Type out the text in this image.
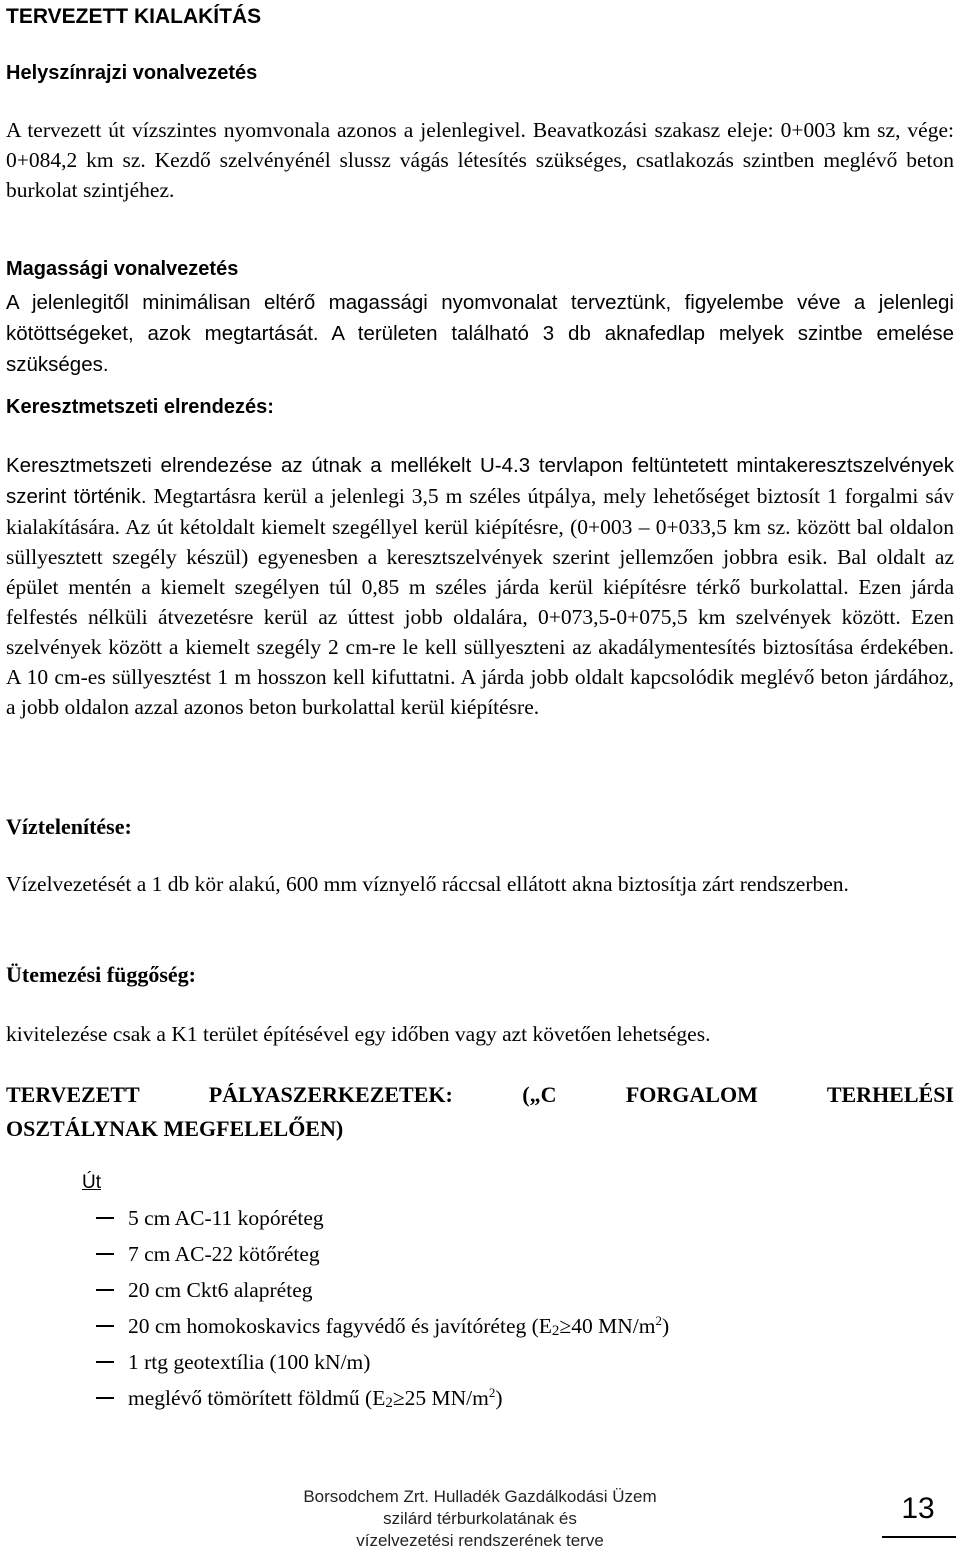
TERVEZETT KIALAKÍTÁS
Helyszínrajzi vonalvezetés

A tervezett út vízszintes nyomvonala azonos a jelenlegivel. Beavatkozási szakasz eleje: 0+003 km sz, vége: 0+084,2 km sz. Kezdő szelvényénél slussz vágás létesítés szükséges, csatlakozás szintben meglévő beton burkolat szintjéhez.

Magassági vonalvezetés

A jelenlegitől minimálisan eltérő magassági nyomvonalat terveztünk, figyelembe véve a jelenlegi kötöttségeket, azok megtartását. A területen található 3 db aknafedlap melyek szintbe emelése szükséges.

Keresztmetszeti elrendezés:

Keresztmetszeti elrendezése az útnak a mellékelt U-4.3 tervlapon feltüntetett mintakeresztszelvények szerint történik. Megtartásra kerül a jelenlegi 3,5 m széles útpálya, mely lehetőséget biztosít 1 forgalmi sáv kialakítására. Az út kétoldalt kiemelt szegéllyel kerül kiépítésre, (0+003 – 0+033,5 km sz. között bal oldalon süllyesztett szegély készül) egyenesben a keresztszelvények szerint jellemzően jobbra esik. Bal oldalt az épület mentén a kiemelt szegélyen túl 0,85 m széles járda kerül kiépítésre térkő burkolattal. Ezen járda felfestés nélküli átvezetésre kerül az úttest jobb oldalára, 0+073,5-0+075,5 km szelvények között. Ezen szelvények között a kiemelt szegély 2 cm-re le kell süllyeszteni az akadálymentesítés biztosítása érdekében. A 10 cm-es süllyesztést 1 m hosszon kell kifuttatni. A járda jobb oldalt kapcsolódik meglévő beton járdához, a jobb oldalon azzal azonos beton burkolattal kerül kiépítésre.

Víztelenítése:

Vízelvezetését a 1 db kör alakú, 600 mm víznyelő ráccsal ellátott akna biztosítja zárt rendszerben.

Ütemezési függőség:

kivitelezése csak a K1 terület építésével egy időben vagy azt követően lehetséges.

TERVEZETT PÁLYASZERKEZETEK: („C FORGALOM TERHELÉSI

OSZTÁLYNAK MEGFELELŐEN)

Út

5 cm AC-11 kopóréteg
7 cm AC-22 kötőréteg
20 cm Ckt6 alapréteg
20 cm homokoskavics fagyvédő és javítóréteg ($E_2\ge 40$ $MN/m^2$)
1 rtg geotextília (100 kN/m)
meglévő tömörített földmű ($E_2\ge 25$ $MN/m^2$)
Borsodchem Zrt. Hulladék Gazdálkodási Üzem
szilárd térburkolatának és
vízelvezetési rendszerének terve
13
